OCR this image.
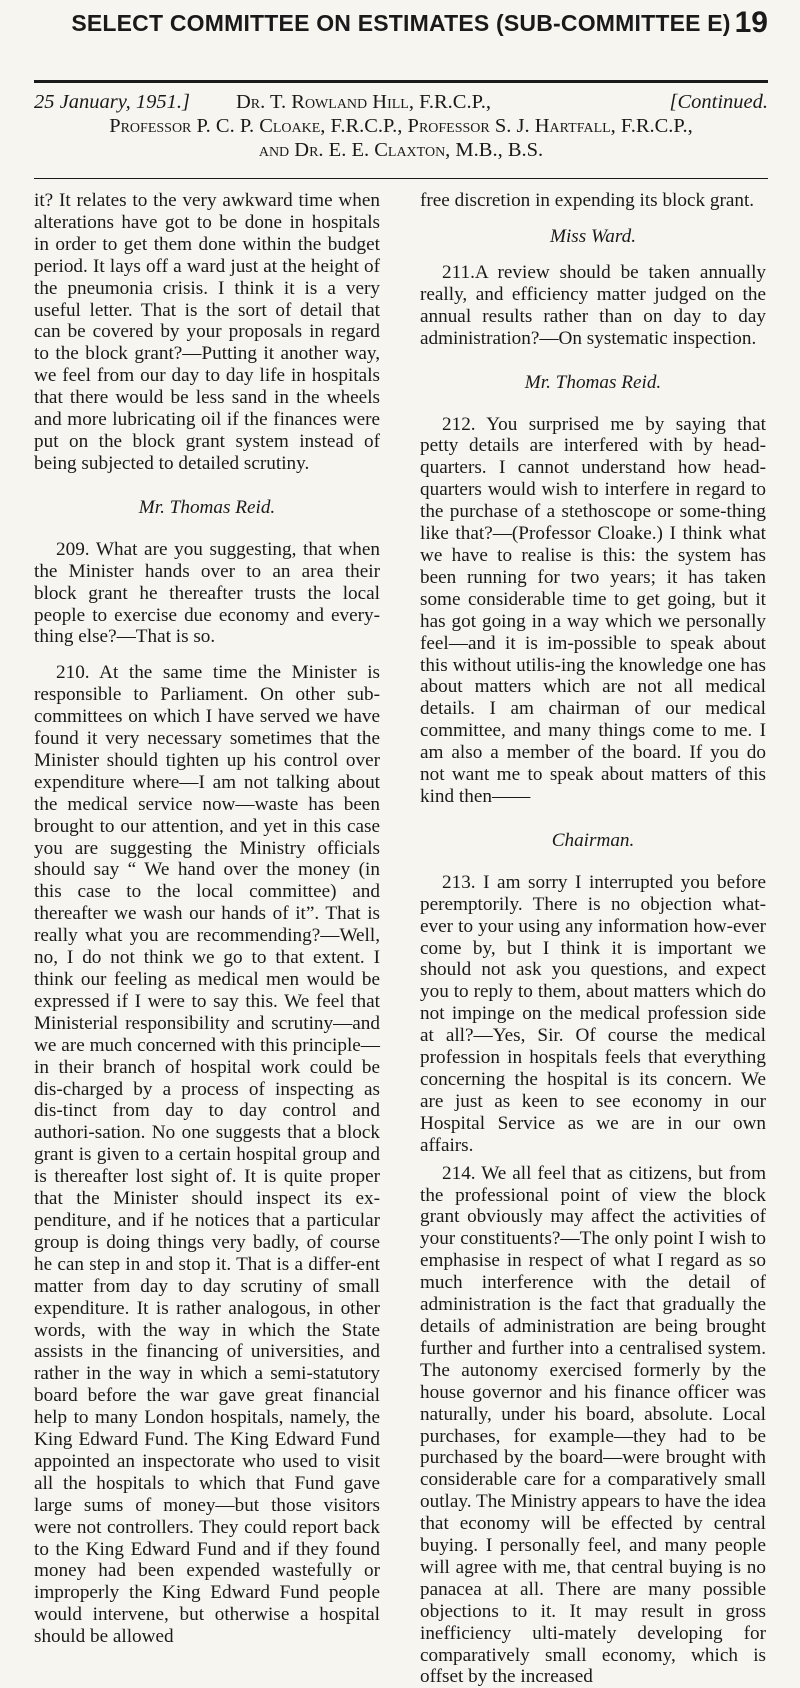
SELECT COMMITTEE ON ESTIMATES (SUB-COMMITTEE E) 19
25 January, 1951.] Dr. T. Rowland Hill, F.R.C.P.,	[Continued.
Professor P. C. P. Cloake, F.R.C.P., Professor S. J. Hartfall, F.R.C.P.,
and Dr. E. E. Claxton, M.B., B.S.

it? It relates to the very awkward time when alterations have got to be done in hospitals in order to get them done within the budget period. It lays off a ward just at the height of the pneumonia crisis. I think it is a very useful letter. That is the sort of detail that can be covered by your proposals in regard to the block grant?—Putting it another way, we feel from our day to day life in hospitals that there would be less sand in the wheels and more lubricating oil if the finances were put on the block grant system instead of being subjected to detailed scrutiny.

Mr. Thomas Reid.

209. What are you suggesting, that when the Minister hands over to an area their block grant he thereafter trusts the local people to exercise due economy and every-thing else?—That is so.

210. At the same time the Minister is responsible to Parliament. On other sub-committees on which I have served we have found it very necessary sometimes that the Minister should tighten up his control over expenditure where—I am not talking about the medical service now—waste has been brought to our attention, and yet in this case you are suggesting the Ministry officials should say “ We hand over the money (in this case to the local committee) and thereafter we wash our hands of it”. That is really what you are recommending?—Well, no, I do not think we go to that extent. I think our feeling as medical men would be expressed if I were to say this. We feel that Ministerial responsibility and scrutiny—and we are much concerned with this principle—in their branch of hospital work could be dis-charged by a process of inspecting as dis-tinct from day to day control and authori-sation. No one suggests that a block grant is given to a certain hospital group and is thereafter lost sight of. It is quite proper that the Minister should inspect its ex-penditure, and if he notices that a particular group is doing things very badly, of course he can step in and stop it. That is a differ-ent matter from day to day scrutiny of small expenditure. It is rather analogous, in other words, with the way in which the State assists in the financing of universities, and rather in the way in which a semi-statutory board before the war gave great financial help to many London hospitals, namely, the King Edward Fund. The King Edward Fund appointed an inspectorate who used to visit all the hospitals to which that Fund gave large sums of money—but those visitors were not controllers. They could report back to the King Edward Fund and if they found money had been expended wastefully or improperly the King Edward Fund people would intervene, but otherwise a hospital should be allowed

free discretion in expending its block grant.

Miss Ward.

211.A review should be taken annually really, and efficiency matter judged on the annual results rather than on day to day administration?—On systematic inspection.

Mr. Thomas Reid.

212. You surprised me by saying that petty details are interfered with by head-quarters. I cannot understand how head-quarters would wish to interfere in regard to the purchase of a stethoscope or some-thing like that?—(Professor Cloake.) I think what we have to realise is this: the system has been running for two years; it has taken some considerable time to get going, but it has got going in a way which we personally feel—and it is im-possible to speak about this without utilis-ing the knowledge one has about matters which are not all medical details. I am chairman of our medical committee, and many things come to me. I am also a member of the board. If you do not want me to speak about matters of this kind then——

Chairman.

213. I am sorry I interrupted you before peremptorily. There is no objection what-ever to your using any information how-ever come by, but I think it is important we should not ask you questions, and expect you to reply to them, about matters which do not impinge on the medical profession side at all?—Yes, Sir. Of course the medical profession in hospitals feels that everything concerning the hospital is its concern. We are just as keen to see economy in our Hospital Service as we are in our own affairs.

214. We all feel that as citizens, but from the professional point of view the block grant obviously may affect the activities of your constituents?—The only point I wish to emphasise in respect of what I regard as so much interference with the detail of administration is the fact that gradually the details of administration are being brought further and further into a centralised system. The autonomy exercised formerly by the house governor and his finance officer was naturally, under his board, absolute. Local purchases, for example—they had to be purchased by the board—were brought with considerable care for a comparatively small outlay. The Ministry appears to have the idea that economy will be effected by central buying. I personally feel, and many people will agree with me, that central buying is no panacea at all. There are many possible objections to it. It may result in gross inefficiency ulti-mately developing for comparatively small economy, which is offset by the increased
